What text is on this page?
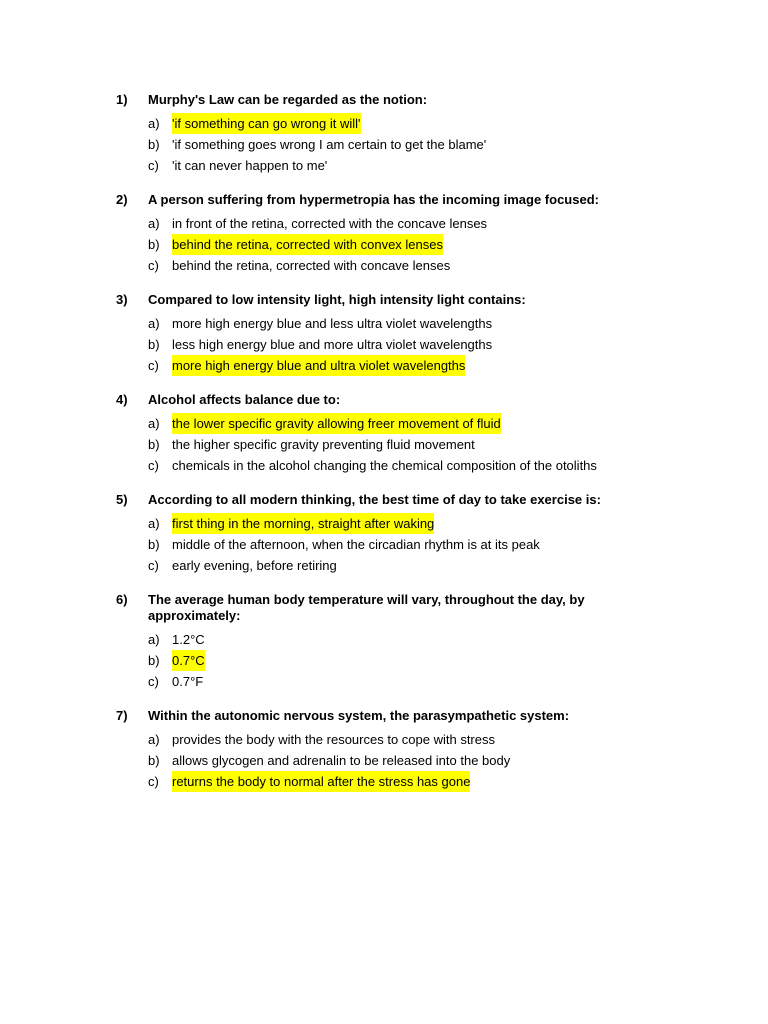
1) Murphy's Law can be regarded as the notion:
a) 'if something can go wrong it will'
b) 'if something goes wrong I am certain to get the blame'
c) 'it can never happen to me'
2) A person suffering from hypermetropia has the incoming image focused:
a) in front of the retina, corrected with the concave lenses
b) behind the retina, corrected with convex lenses
c) behind the retina, corrected with concave lenses
3) Compared to low intensity light, high intensity light contains:
a) more high energy blue and less ultra violet wavelengths
b) less high energy blue and more ultra violet wavelengths
c) more high energy blue and ultra violet wavelengths
4) Alcohol affects balance due to:
a) the lower specific gravity allowing freer movement of fluid
b) the higher specific gravity preventing fluid movement
c) chemicals in the alcohol changing the chemical composition of the otoliths
5) According to all modern thinking, the best time of day to take exercise is:
a) first thing in the morning, straight after waking
b) middle of the afternoon, when the circadian rhythm is at its peak
c) early evening, before retiring
6) The average human body temperature will vary, throughout the day, by approximately:
a) 1.2°C
b) 0.7°C
c) 0.7°F
7) Within the autonomic nervous system, the parasympathetic system:
a) provides the body with the resources to cope with stress
b) allows glycogen and adrenalin to be released into the body
c) returns the body to normal after the stress has gone
